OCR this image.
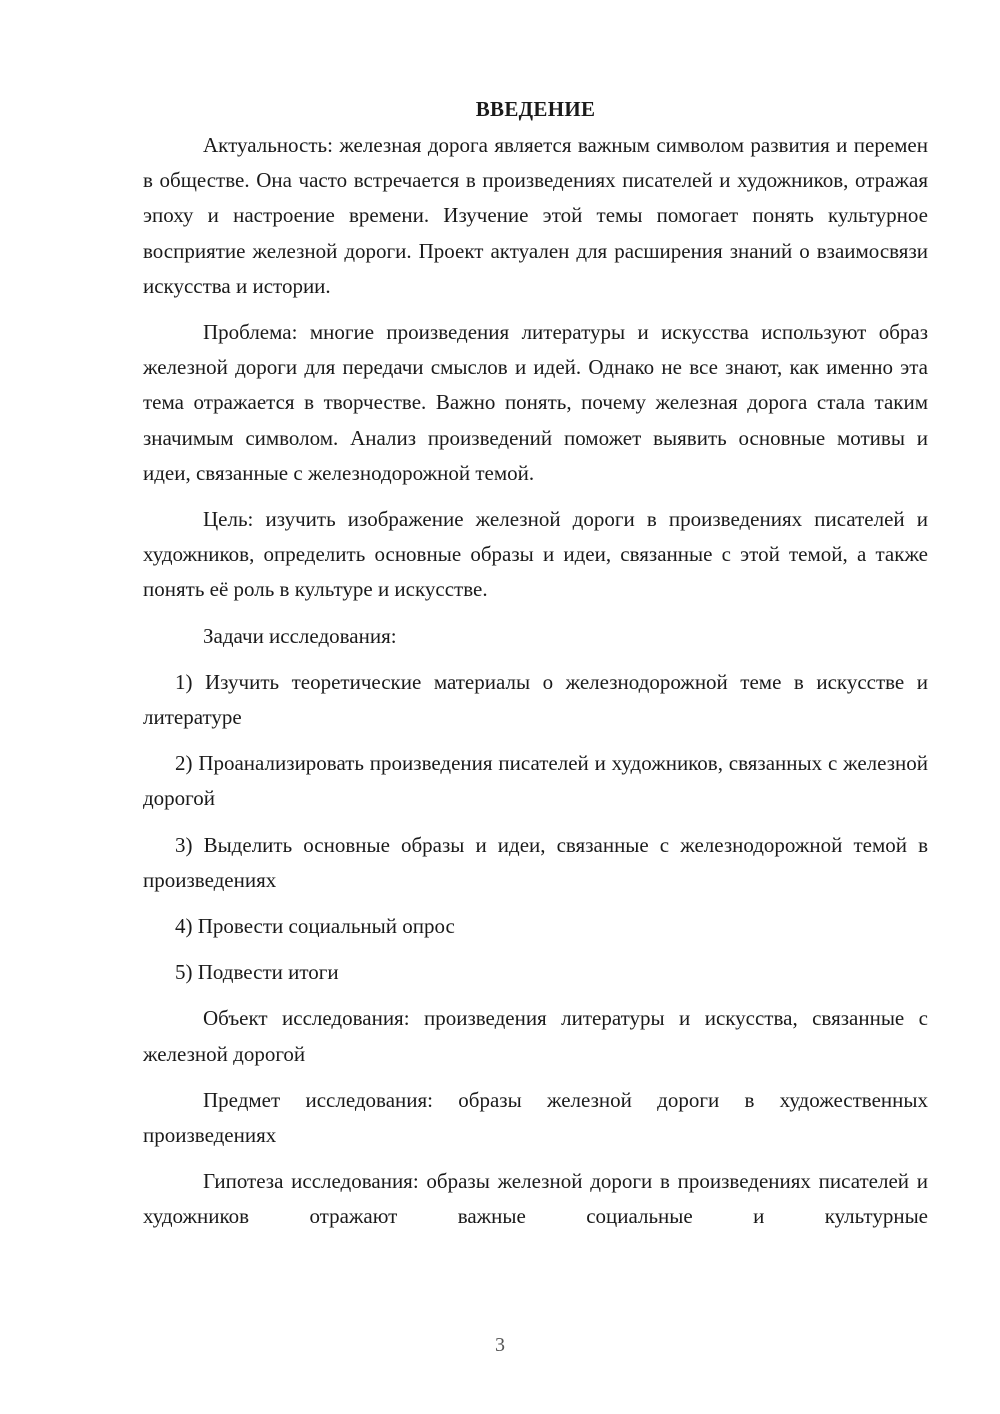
ВВЕДЕНИЕ

Актуальность: железная дорога является важным символом развития и перемен в обществе. Она часто встречается в произведениях писателей и художников, отражая эпоху и настроение времени. Изучение этой темы помогает понять культурное восприятие железной дороги. Проект актуален для расширения знаний о взаимосвязи искусства и истории.

Проблема: многие произведения литературы и искусства используют образ железной дороги для передачи смыслов и идей. Однако не все знают, как именно эта тема отражается в творчестве. Важно понять, почему железная дорога стала таким значимым символом. Анализ произведений поможет выявить основные мотивы и идеи, связанные с железнодорожной темой.

Цель: изучить изображение железной дороги в произведениях писателей и художников, определить основные образы и идеи, связанные с этой темой, а также понять её роль в культуре и искусстве.

Задачи исследования:

1) Изучить теоретические материалы о железнодорожной теме в искусстве и литературе

2) Проанализировать произведения писателей и художников, связанных с железной дорогой

3) Выделить основные образы и идеи, связанные с железнодорожной темой в произведениях

4) Провести социальный опрос

5) Подвести итоги

Объект исследования: произведения литературы и искусства, связанные с железной дорогой

Предмет исследования: образы железной дороги в художественных произведениях

Гипотеза исследования: образы железной дороги в произведениях писателей и художников отражают важные социальные и культурные

3
